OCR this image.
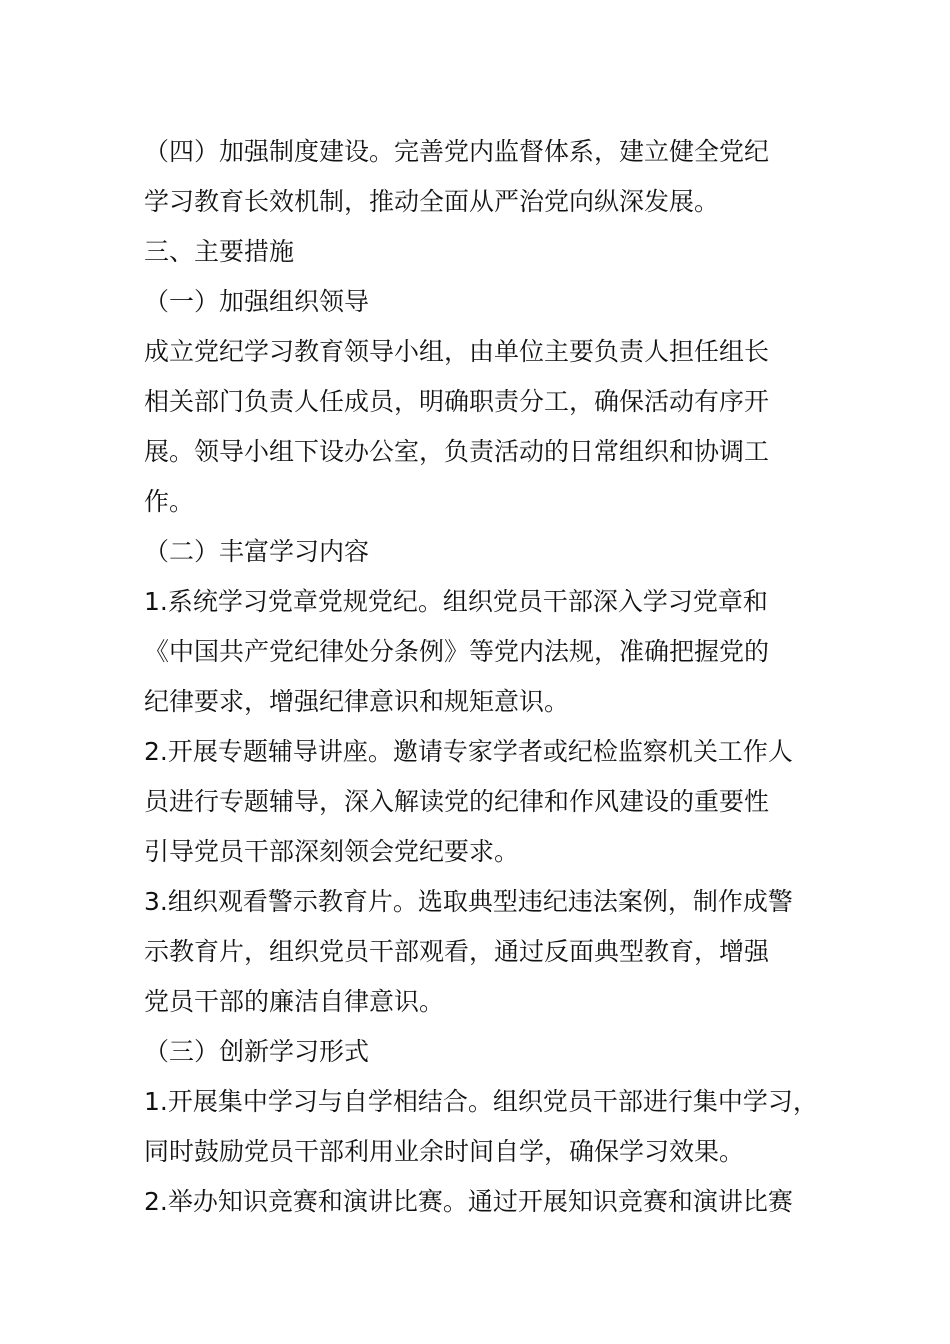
（四）加强制度建设。完善党内监督体系，建立健全党纪
学习教育长效机制，推动全面从严治党向纵深发展。
三、主要措施
（一）加强组织领导
成立党纪学习教育领导小组，由单位主要负责人担任组长
相关部门负责人任成员，明确职责分工，确保活动有序开
展。领导小组下设办公室，负责活动的日常组织和协调工
作。
（二）丰富学习内容
1.系统学习党章党规党纪。组织党员干部深入学习党章和
《中国共产党纪律处分条例》等党内法规，准确把握党的
纪律要求，增强纪律意识和规矩意识。
2.开展专题辅导讲座。邀请专家学者或纪检监察机关工作人
员进行专题辅导，深入解读党的纪律和作风建设的重要性
引导党员干部深刻领会党纪要求。
3.组织观看警示教育片。选取典型违纪违法案例，制作成警
示教育片，组织党员干部观看，通过反面典型教育，增强
党员干部的廉洁自律意识。
（三）创新学习形式
1.开展集中学习与自学相结合。组织党员干部进行集中学习，
同时鼓励党员干部利用业余时间自学，确保学习效果。
2.举办知识竞赛和演讲比赛。通过开展知识竞赛和演讲比赛
